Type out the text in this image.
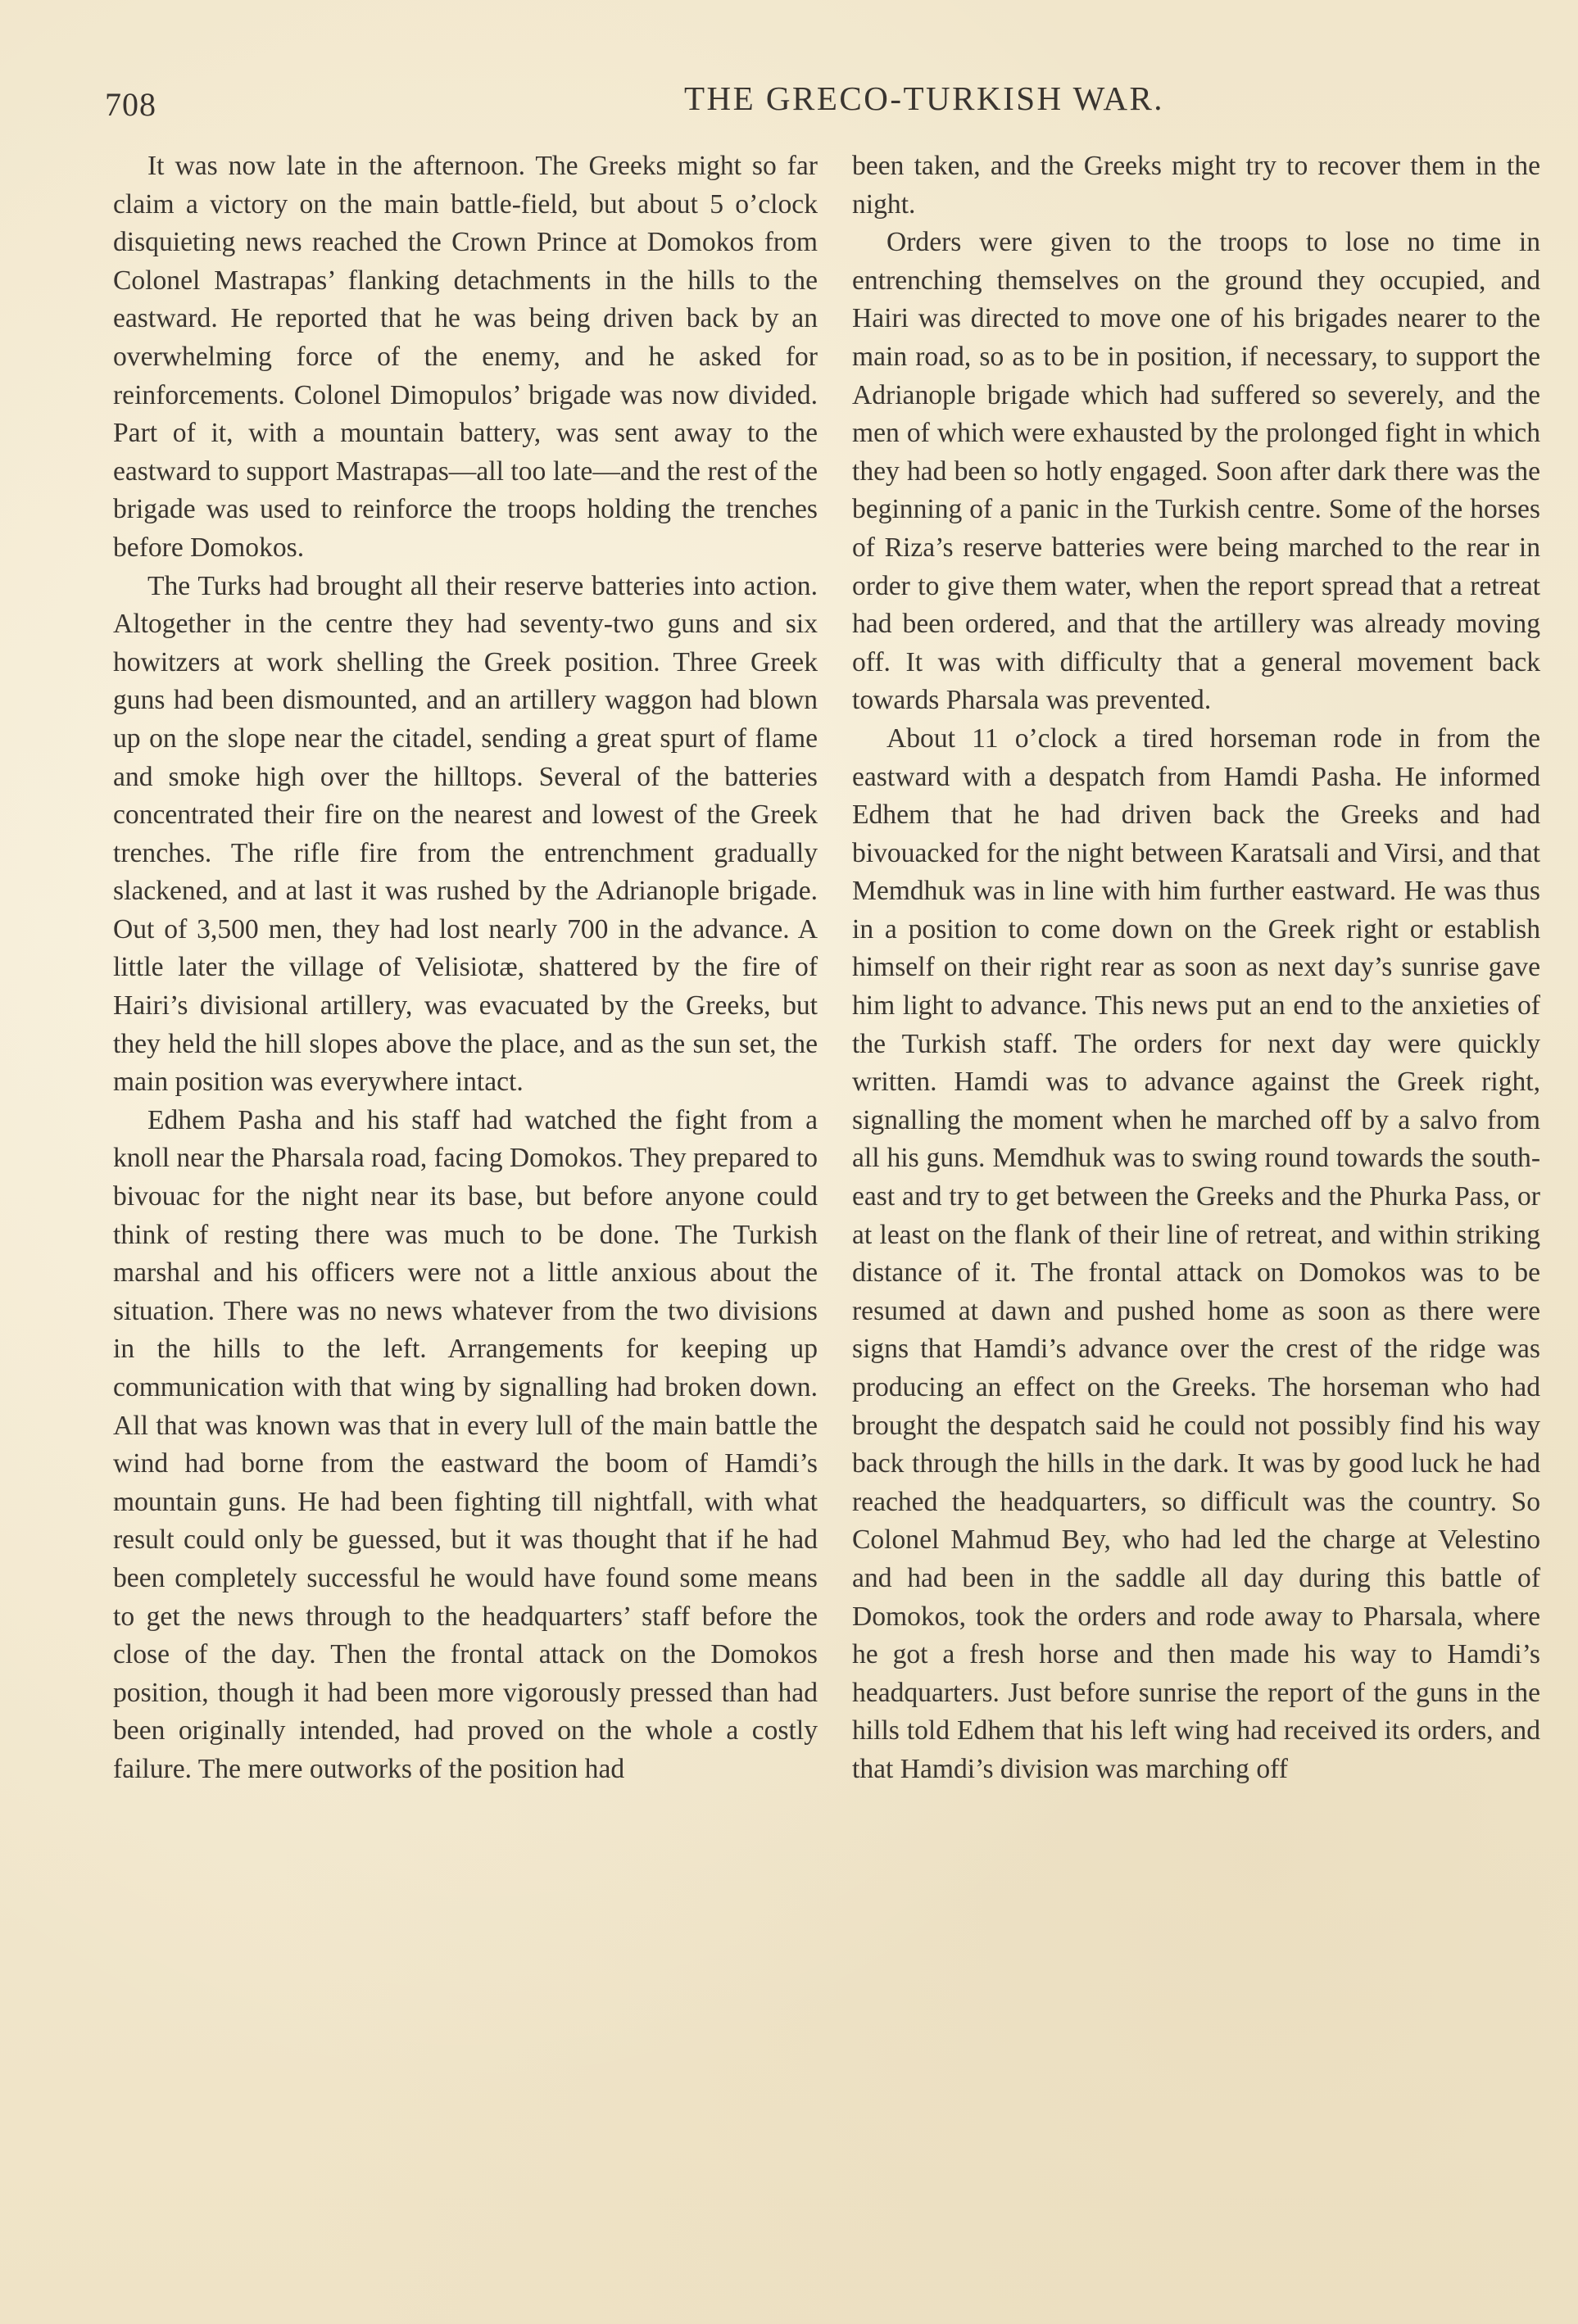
708	THE GRECO-TURKISH WAR.

It was now late in the afternoon. The Greeks might so far claim a victory on the main battle-field, but about 5 o’clock disquieting news reached the Crown Prince at Domokos from Colonel Mastrapas’ flanking detachments in the hills to the eastward. He reported that he was being driven back by an overwhelming force of the enemy, and he asked for reinforcements. Colonel Dimopulos’ brigade was now divided. Part of it, with a mountain battery, was sent away to the eastward to support Mastrapas—all too late—and the rest of the brigade was used to reinforce the troops holding the trenches before Domokos.

The Turks had brought all their reserve batteries into action. Altogether in the centre they had seventy-two guns and six howitzers at work shelling the Greek position. Three Greek guns had been dismounted, and an artillery waggon had blown up on the slope near the citadel, sending a great spurt of flame and smoke high over the hilltops. Several of the batteries concentrated their fire on the nearest and lowest of the Greek trenches. The rifle fire from the entrenchment gradually slackened, and at last it was rushed by the Adrianople brigade. Out of 3,500 men, they had lost nearly 700 in the advance. A little later the village of Velisiotæ, shattered by the fire of Hairi’s divisional artillery, was evacuated by the Greeks, but they held the hill slopes above the place, and as the sun set, the main position was everywhere intact.

Edhem Pasha and his staff had watched the fight from a knoll near the Pharsala road, facing Domokos. They prepared to bivouac for the night near its base, but before anyone could think of resting there was much to be done. The Turkish marshal and his officers were not a little anxious about the situation. There was no news whatever from the two divisions in the hills to the left. Arrangements for keeping up communication with that wing by signalling had broken down. All that was known was that in every lull of the main battle the wind had borne from the eastward the boom of Hamdi’s mountain guns. He had been fighting till nightfall, with what result could only be guessed, but it was thought that if he had been completely successful he would have found some means to get the news through to the headquarters’ staff before the close of the day. Then the frontal attack on the Domokos position, though it had been more vigorously pressed than had been originally intended, had proved on the whole a costly failure. The mere outworks of the position had

been taken, and the Greeks might try to recover them in the night.

Orders were given to the troops to lose no time in entrenching themselves on the ground they occupied, and Hairi was directed to move one of his brigades nearer to the main road, so as to be in position, if necessary, to support the Adrianople brigade which had suffered so severely, and the men of which were exhausted by the prolonged fight in which they had been so hotly engaged. Soon after dark there was the beginning of a panic in the Turkish centre. Some of the horses of Riza’s reserve batteries were being marched to the rear in order to give them water, when the report spread that a retreat had been ordered, and that the artillery was already moving off. It was with difficulty that a general movement back towards Pharsala was prevented.

About 11 o’clock a tired horseman rode in from the eastward with a despatch from Hamdi Pasha. He informed Edhem that he had driven back the Greeks and had bivouacked for the night between Karatsali and Virsi, and that Memdhuk was in line with him further eastward. He was thus in a position to come down on the Greek right or establish himself on their right rear as soon as next day’s sunrise gave him light to advance. This news put an end to the anxieties of the Turkish staff. The orders for next day were quickly written. Hamdi was to advance against the Greek right, signalling the moment when he marched off by a salvo from all his guns. Memdhuk was to swing round towards the south-east and try to get between the Greeks and the Phurka Pass, or at least on the flank of their line of retreat, and within striking distance of it. The frontal attack on Domokos was to be resumed at dawn and pushed home as soon as there were signs that Hamdi’s advance over the crest of the ridge was producing an effect on the Greeks. The horseman who had brought the despatch said he could not possibly find his way back through the hills in the dark. It was by good luck he had reached the headquarters, so difficult was the country. So Colonel Mahmud Bey, who had led the charge at Velestino and had been in the saddle all day during this battle of Domokos, took the orders and rode away to Pharsala, where he got a fresh horse and then made his way to Hamdi’s headquarters. Just before sunrise the report of the guns in the hills told Edhem that his left wing had received its orders, and that Hamdi’s division was marching off
